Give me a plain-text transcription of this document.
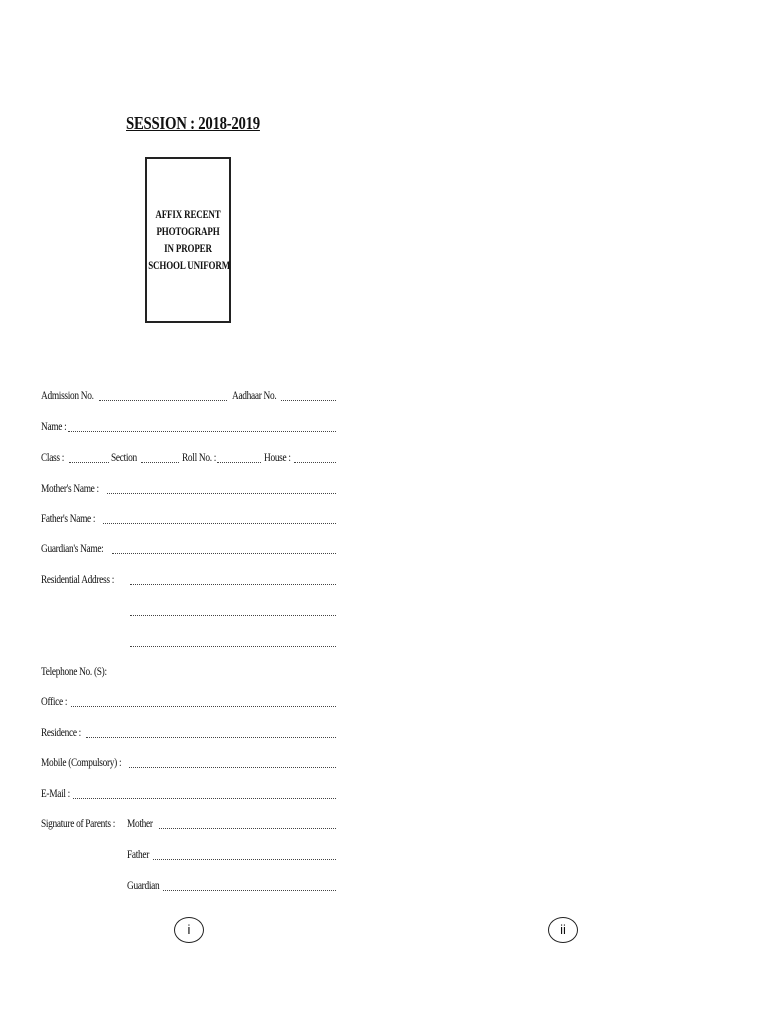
SESSION : 2018-2019
AFFIX RECENT
PHOTOGRAPH
IN PROPER
SCHOOL UNIFORM
Admission No.	Aadhaar No.
Name :
Class :	Section	Roll No. :	House :
Mother's Name :
Father's Name :
Guardian's Name:
Residential Address :
Telephone No. (S):
Office :
Residence :
Mobile (Compulsory) :
E-Mail :
Signature of Parents : Mother
Father
Guardian
i	ii
